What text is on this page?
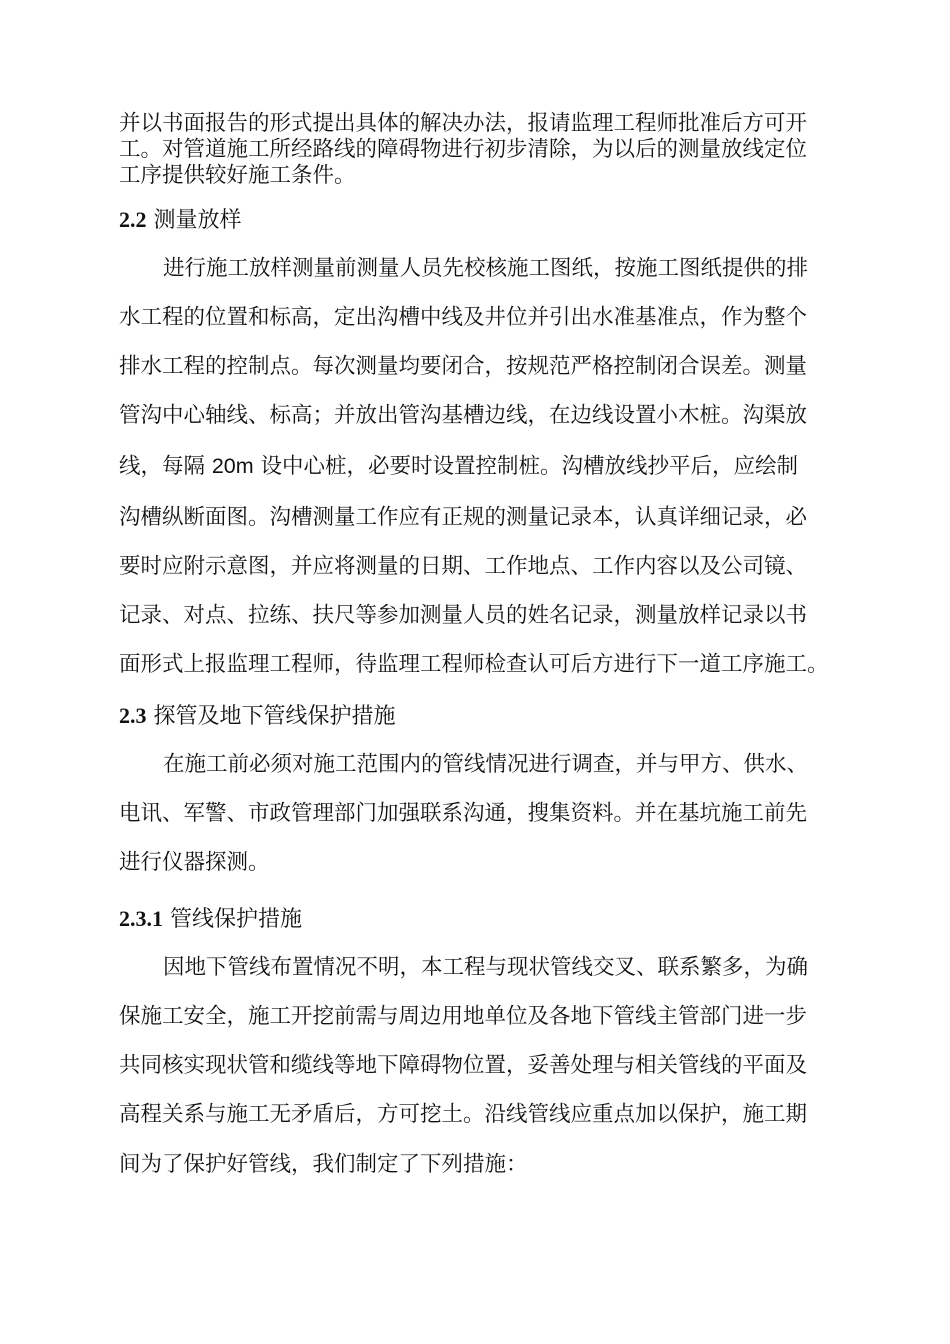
并以书面报告的形式提出具体的解决办法，报请监理工程师批准后方可开
工。对管道施工所经路线的障碍物进行初步清除，为以后的测量放线定位
工序提供较好施工条件。
2.2 测量放样
进行施工放样测量前测量人员先校核施工图纸，按施工图纸提供的排
水工程的位置和标高，定出沟槽中线及井位并引出水准基准点，作为整个
排水工程的控制点。每次测量均要闭合，按规范严格控制闭合误差。测量
管沟中心轴线、标高；并放出管沟基槽边线，在边线设置小木桩。沟渠放
线，每隔 20m 设中心桩，必要时设置控制桩。沟槽放线抄平后，应绘制
沟槽纵断面图。沟槽测量工作应有正规的测量记录本，认真详细记录，必
要时应附示意图，并应将测量的日期、工作地点、工作内容以及公司镜、
记录、对点、拉练、扶尺等参加测量人员的姓名记录，测量放样记录以书
面形式上报监理工程师，待监理工程师检查认可后方进行下一道工序施工。
2.3 探管及地下管线保护措施
在施工前必须对施工范围内的管线情况进行调查，并与甲方、供水、
电讯、军警、市政管理部门加强联系沟通，搜集资料。并在基坑施工前先
进行仪器探测。
2.3.1 管线保护措施
因地下管线布置情况不明，本工程与现状管线交叉、联系繁多，为确
保施工安全，施工开挖前需与周边用地单位及各地下管线主管部门进一步
共同核实现状管和缆线等地下障碍物位置，妥善处理与相关管线的平面及
高程关系与施工无矛盾后，方可挖土。沿线管线应重点加以保护，施工期
间为了保护好管线，我们制定了下列措施：
